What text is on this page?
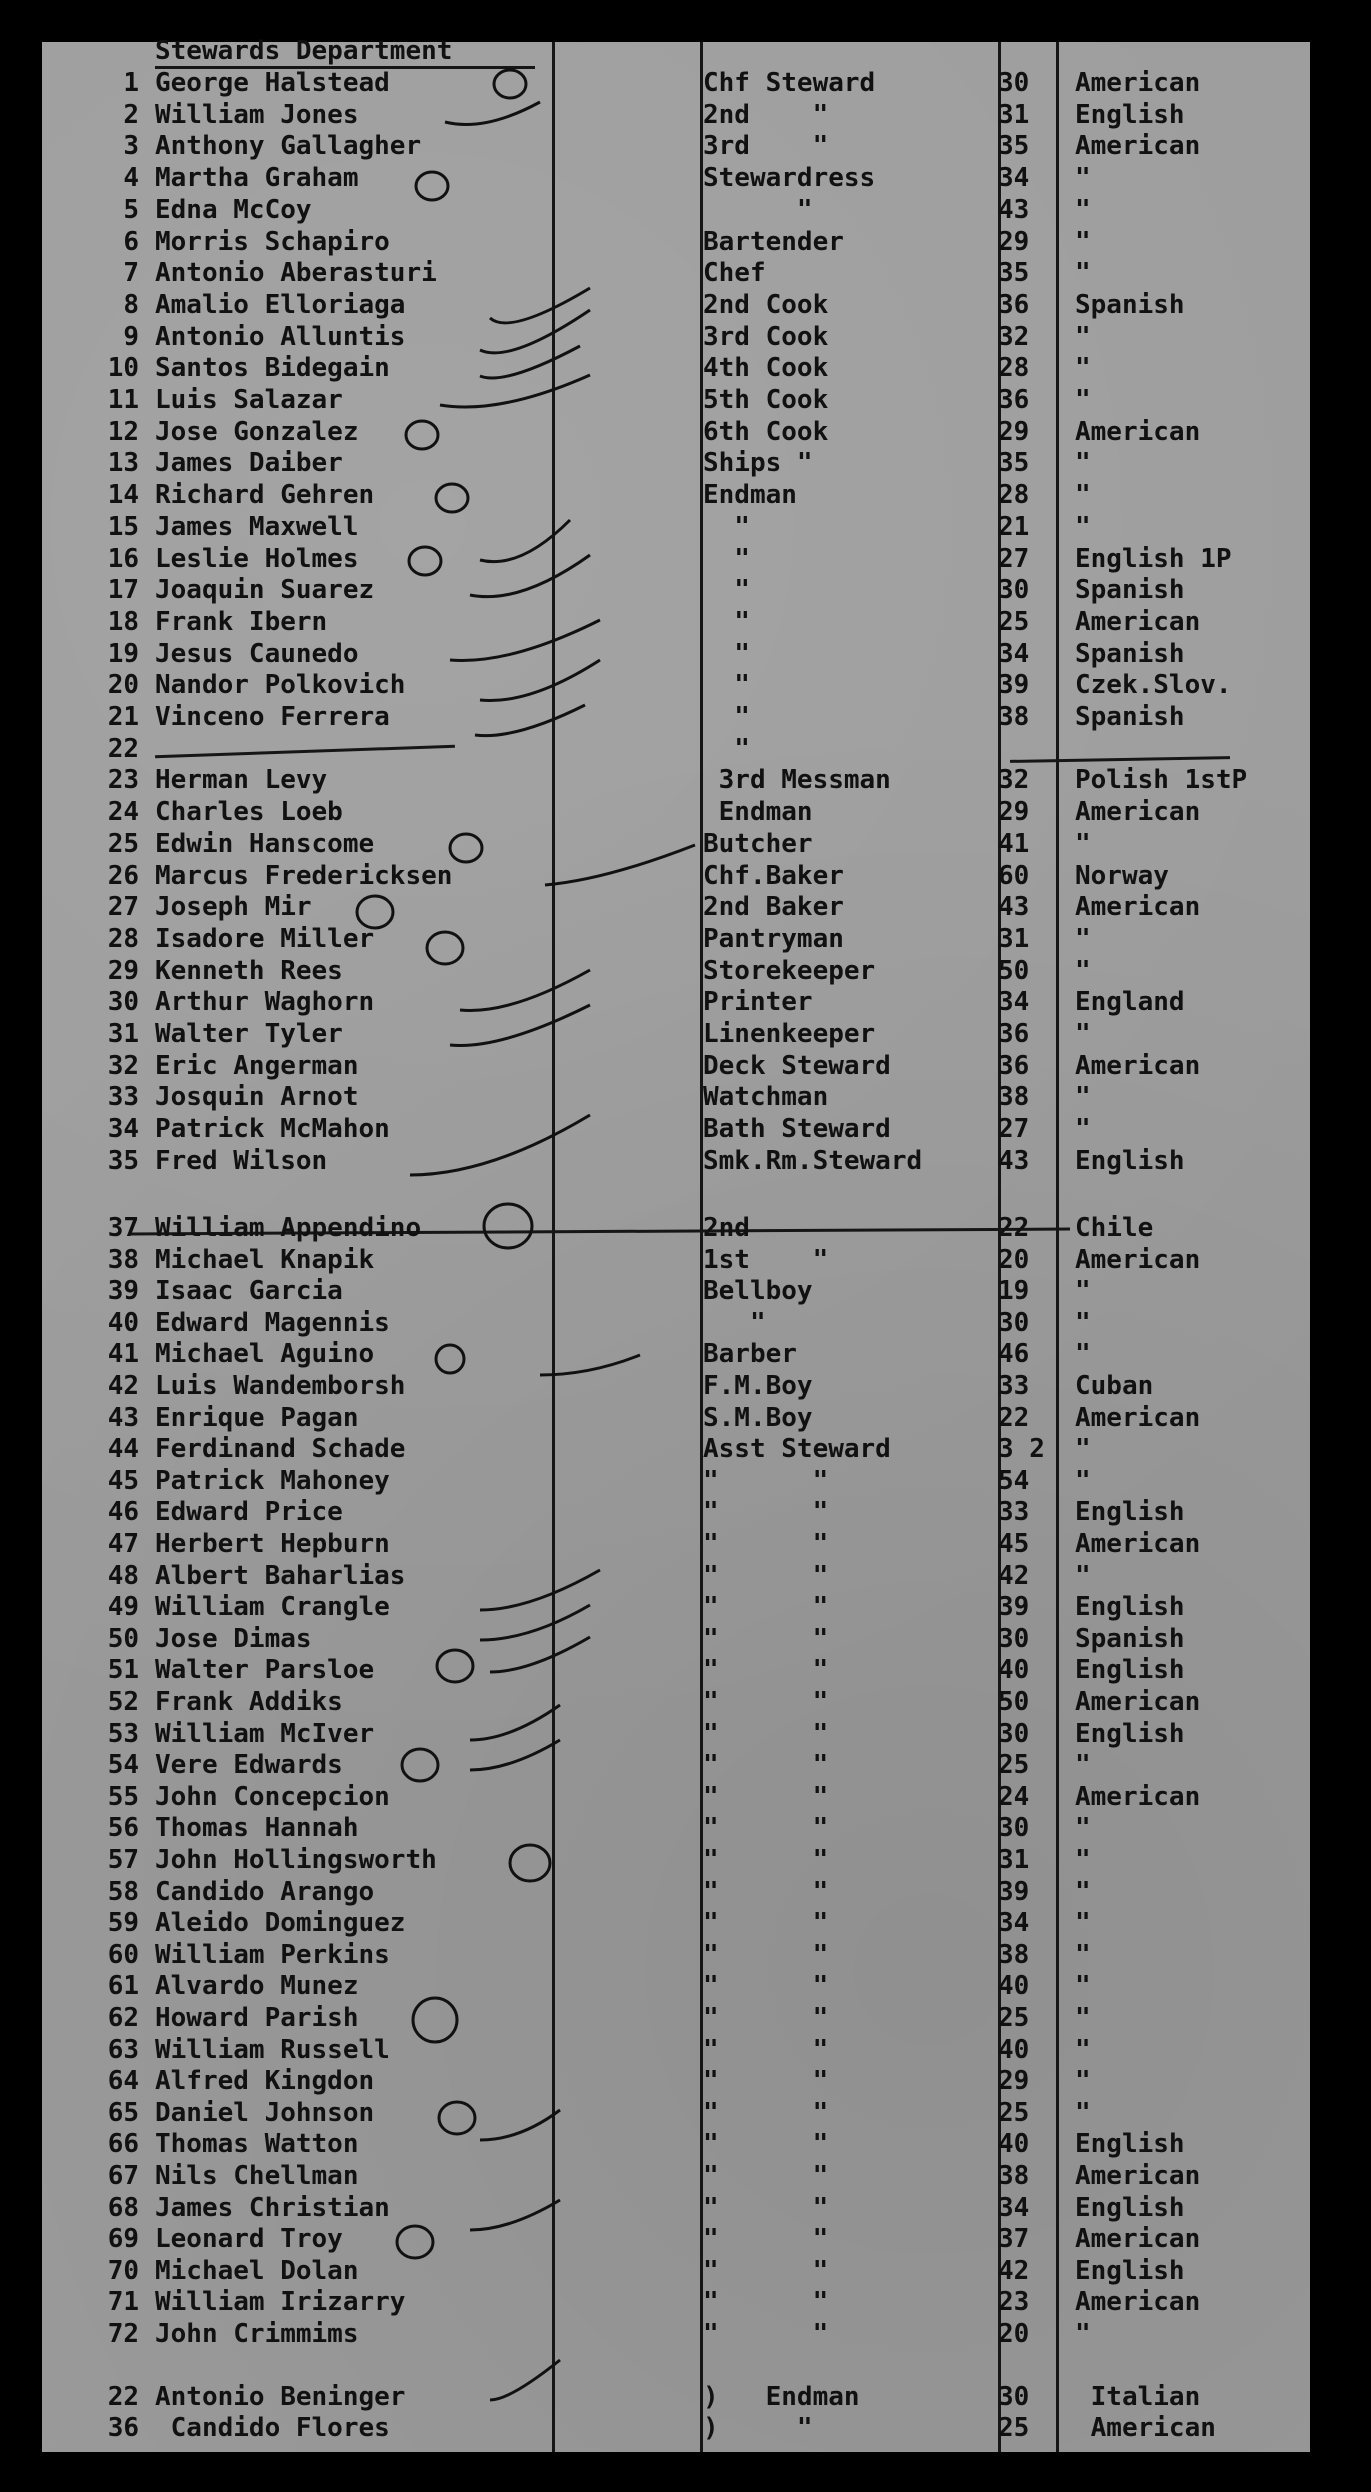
Stewards Department
1 George Halstead	Chf Steward	30 American
2 William Jones	2nd    "	31 English
3 Anthony Gallagher	3rd    "	35 American
4 Martha Graham	Stewardress	34 "
5 Edna McCoy	"	43 "
6 Morris Schapiro	Bartender	29 "
7 Antonio Aberasturi	Chef	35 "
8 Amalio Elloriaga	2nd Cook	36 Spanish
9 Antonio Alluntis	3rd Cook	32 "
10 Santos Bidegain	4th Cook	28 "
11 Luis Salazar	5th Cook	36 "
12 Jose Gonzalez	6th Cook	29 American
13 James Daiber	Ships "	35 "
14 Richard Gehren	Endman	28 "
15 James Maxwell	"	21 "
16 Leslie Holmes	"	27 English 1P
17 Joaquin Suarez	"	30 Spanish
18 Frank Ibern	"	25 American
19 Jesus Caunedo	"	34 Spanish
20 Nandor Polkovich	"	39 Czek.Slov.
21 Vinceno Ferrera	"	38 Spanish
22	"
23 Herman Levy	3rd Messman	32 Polish 1stP
24 Charles Loeb	Endman	29 American
25 Edwin Hanscome	Butcher	41 "
26 Marcus Fredericksen	Chf.Baker	60 Norway
27 Joseph Mir	2nd Baker	43 American
28 Isadore Miller	Pantryman	31 "
29 Kenneth Rees	Storekeeper	50 "
30 Arthur Waghorn	Printer	34 England
31 Walter Tyler	Linenkeeper	36 "
32 Eric Angerman	Deck Steward	36 American
33 Josquin Arnot	Watchman	38 "
34 Patrick McMahon	Bath Steward	27 "
35 Fred Wilson	Smk.Rm.Steward	43 English
37 William Appendino	2nd	22 Chile
38 Michael Knapik	1st    "	20 American
39 Isaac Garcia	Bellboy	19 "
40 Edward Magennis	"	30 "
41 Michael Aguino	Barber	46 "
42 Luis Wandemborsh	F.M.Boy	33 Cuban
43 Enrique Pagan	S.M.Boy	22 American
44 Ferdinand Schade	Asst Steward	3 2 "
45 Patrick Mahoney	"      "	54 "
46 Edward Price	"      "	33 English
47 Herbert Hepburn	"      "	45 American
48 Albert Baharlias	"      "	42 "
49 William Crangle	"      "	39 English
50 Jose Dimas	"      "	30 Spanish
51 Walter Parsloe	"      "	40 English
52 Frank Addiks	"      "	50 American
53 William McIver	"      "	30 English
54 Vere Edwards	"      "	25 "
55 John Concepcion	"      "	24 American
56 Thomas Hannah	"      "	30 "
57 John Hollingsworth	"      "	31 "
58 Candido Arango	"      "	39 "
59 Aleido Dominguez	"      "	34 "
60 William Perkins	"      "	38 "
61 Alvardo Munez	"      "	40 "
62 Howard Parish	"      "	25 "
63 William Russell	"      "	40 "
64 Alfred Kingdon	"      "	29 "
65 Daniel Johnson	"      "	25 "
66 Thomas Watton	"      "	40 English
67 Nils Chellman	"      "	38 American
68 James Christian	"      "	34 English
69 Leonard Troy	"      "	37 American
70 Michael Dolan	"      "	42 English
71 William Irizarry	"      "	23 American
72 John Crimmims	"      "	20 "
22 Antonio Beninger	)   Endman	30 Italian
36 Candido Flores	)     "	25 American
